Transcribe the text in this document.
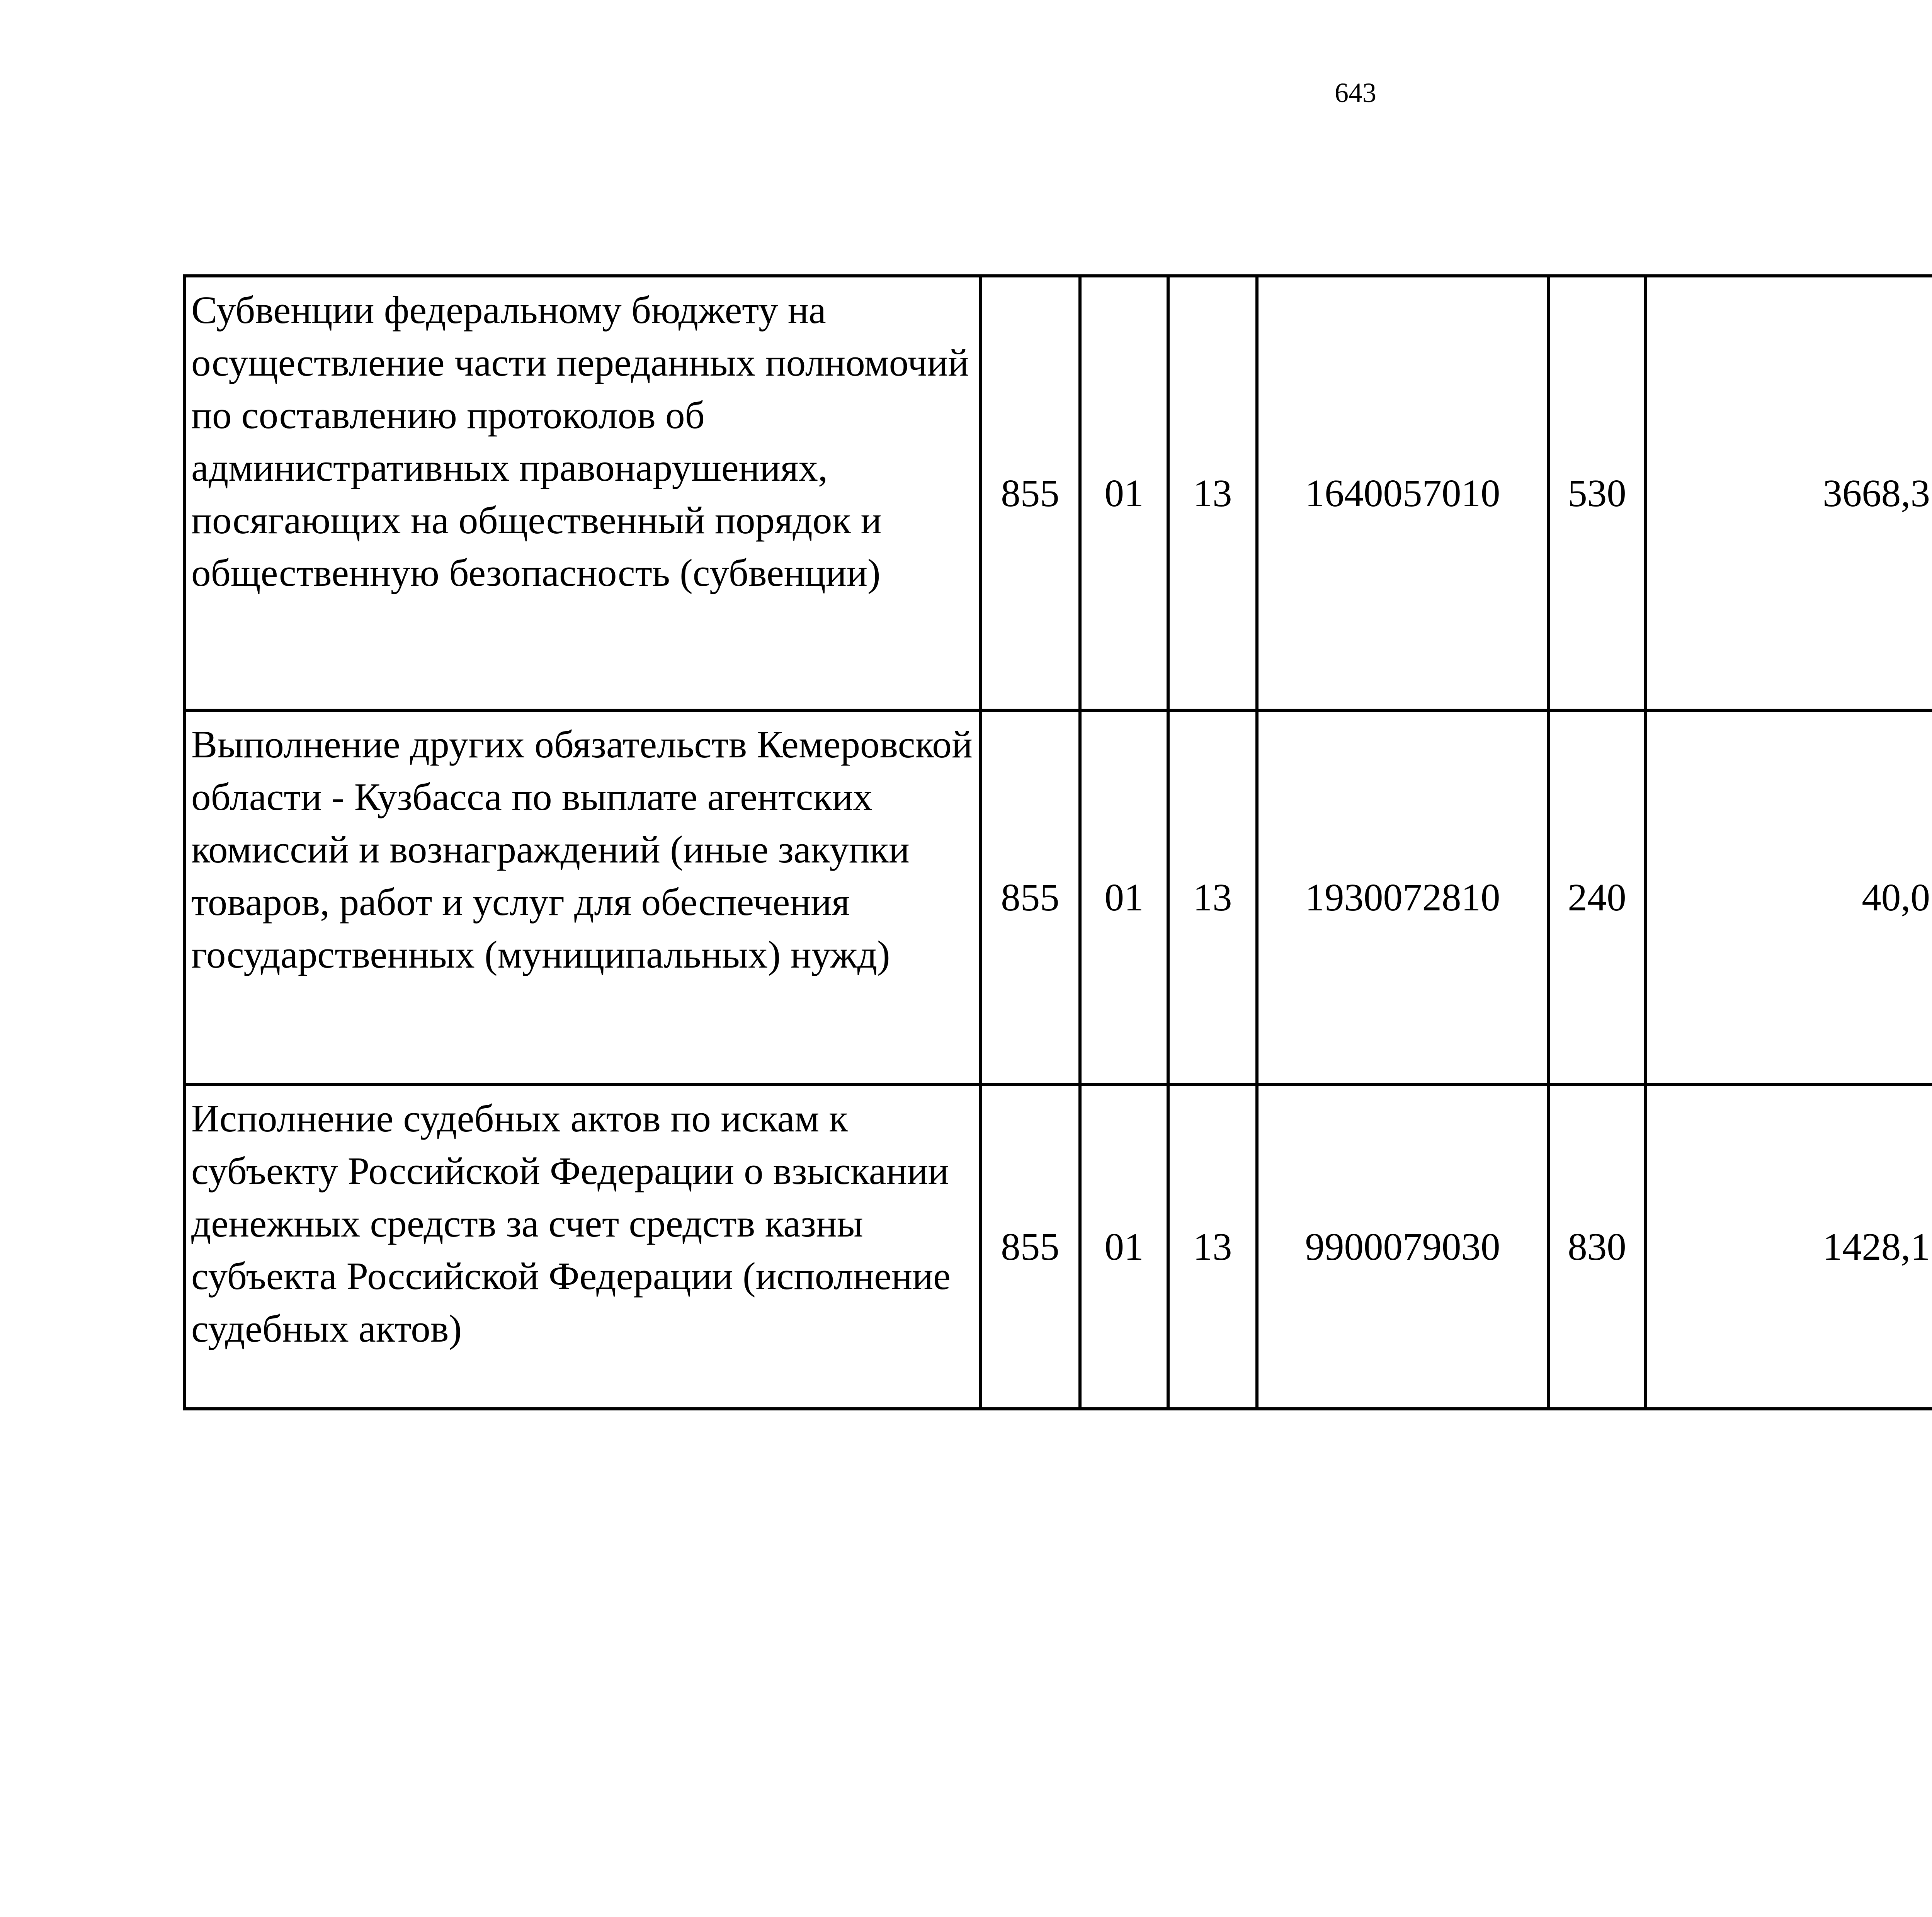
643
Субвенции федеральному бюджету на осуществление части переданных полномочий по составлению протоколов об административных правонарушениях, посягающих на общественный порядок и общественную безопасность (субвенции)	855	01	13	1640057010	530	3668,3		
Выполнение других обязательств Кемеровской области - Кузбасса по выплате агентских комиссий и вознаграждений (иные закупки товаров, работ и услуг для обеспечения государственных (муниципальных) нужд)	855	01	13	1930072810	240	40,0		
Исполнение судебных актов по искам к субъекту Российской Федерации о взыскании денежных средств за счет средств казны субъекта Российской Федерации (исполнение судебных актов)	855	01	13	9900079030	830	1428,1		
